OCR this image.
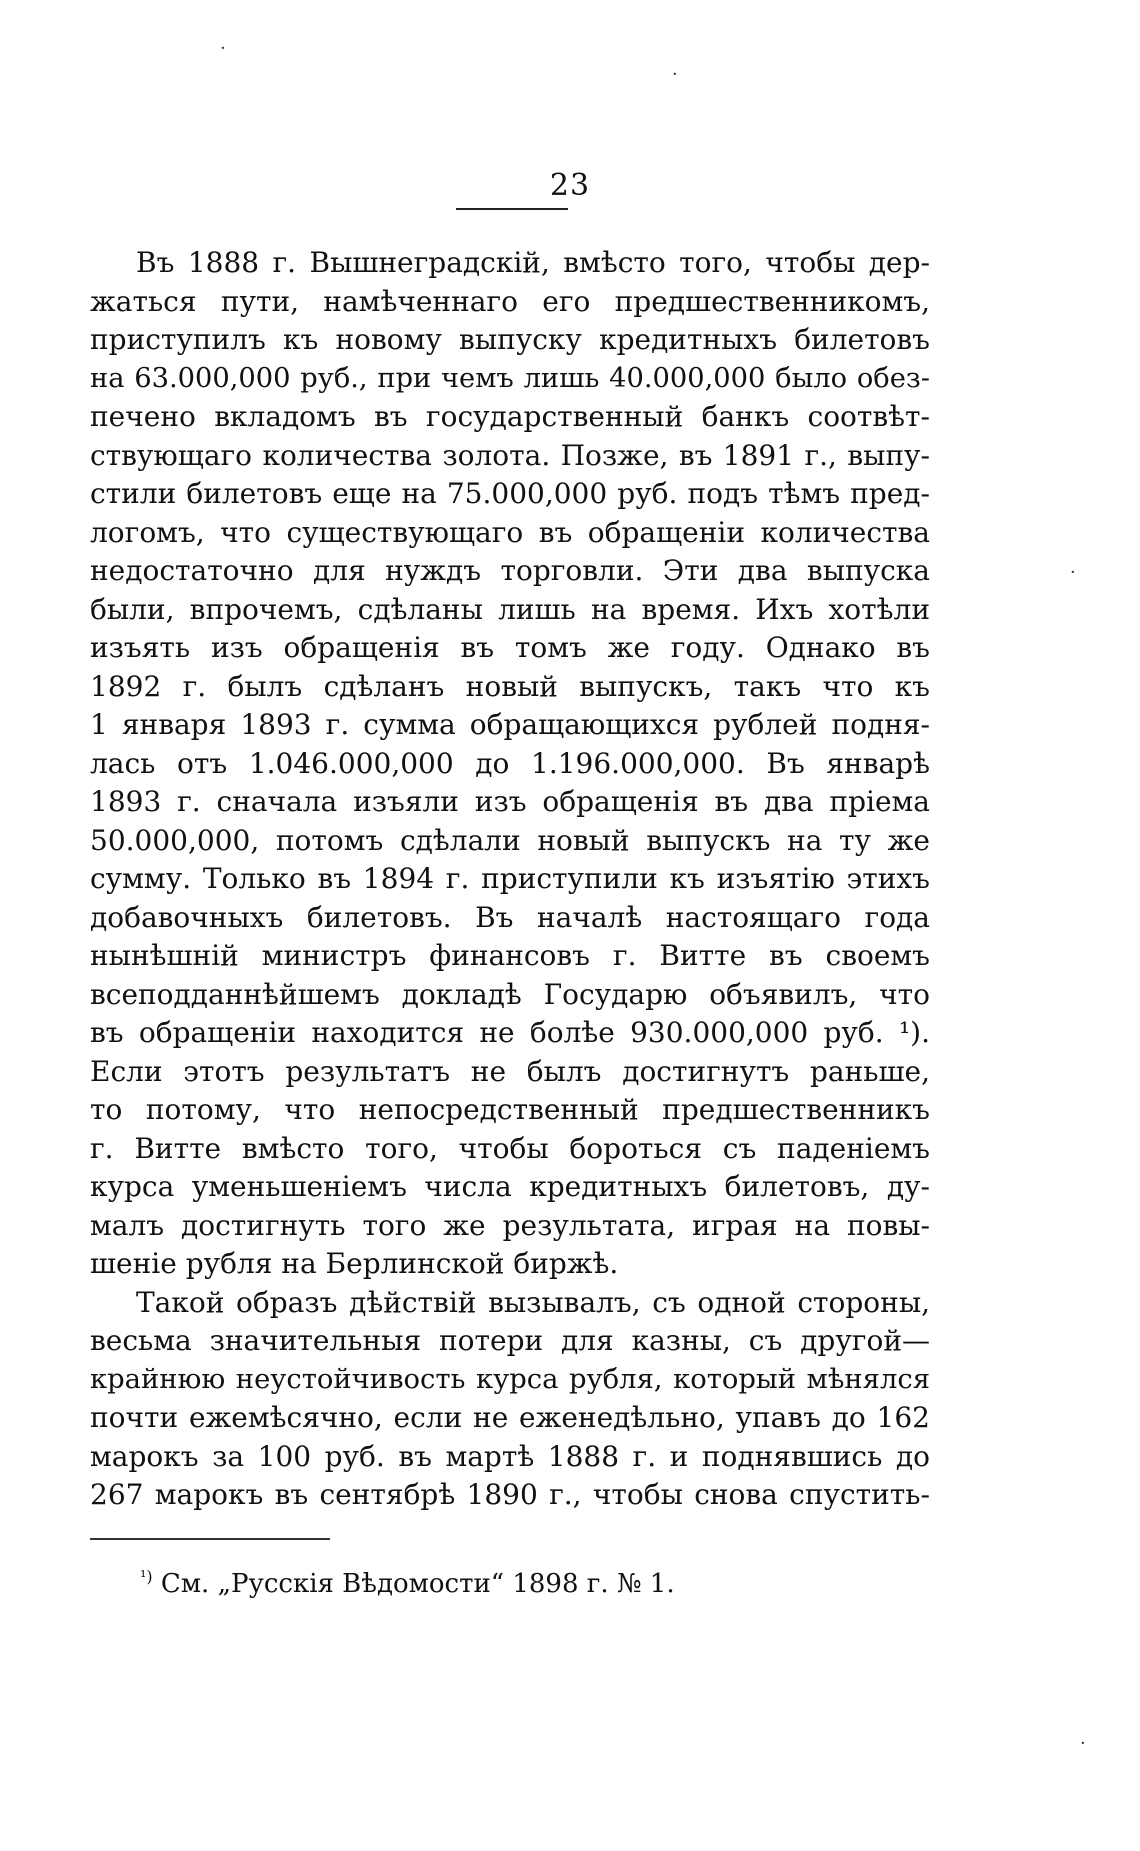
23
Въ 1888 г. Вышнеградскій, вмѣсто того, чтобы дер-
жаться пути, намѣченнаго его предшественникомъ,
приступилъ къ новому выпуску кредитныхъ билетовъ
на 63.000,000 руб., при чемъ лишь 40.000,000 было обез-
печено вкладомъ въ государственный банкъ соотвѣт-
ствующаго количества золота. Позже, въ 1891 г., выпу-
стили билетовъ еще на 75.000,000 руб. подъ тѣмъ пред-
логомъ, что существующаго въ обращеніи количества
недостаточно для нуждъ торговли. Эти два выпуска
были, впрочемъ, сдѣланы лишь на время. Ихъ хотѣли
изъять изъ обращенія въ томъ же году. Однако въ
1892 г. былъ сдѣланъ новый выпускъ, такъ что къ
1 января 1893 г. сумма обращающихся рублей подня-
лась отъ 1.046.000,000 до 1.196.000,000. Въ январѣ
1893 г. сначала изъяли изъ обращенія въ два пріема
50.000,000, потомъ сдѣлали новый выпускъ на ту же
сумму. Только въ 1894 г. приступили къ изъятію этихъ
добавочныхъ билетовъ. Въ началѣ настоящаго года
нынѣшній министръ финансовъ г. Витте въ своемъ
всеподданнѣйшемъ докладѣ Государю объявилъ, что
въ обращеніи находится не болѣе 930.000,000 руб. ¹).
Если этотъ результатъ не былъ достигнутъ раньше,
то потому, что непосредственный предшественникъ
г. Витте вмѣсто того, чтобы бороться съ паденіемъ
курса уменьшеніемъ числа кредитныхъ билетовъ, ду-
малъ достигнуть того же результата, играя на повы-
шеніе рубля на Берлинской биржѣ.
Такой образъ дѣйствій вызывалъ, съ одной стороны,
весьма значительныя потери для казны, съ другой—
крайнюю неустойчивость курса рубля, который мѣнялся
почти ежемѣсячно, если не еженедѣльно, упавъ до 162
марокъ за 100 руб. въ мартѣ 1888 г. и поднявшись до
267 марокъ въ сентябрѣ 1890 г., чтобы снова спустить-
$^{^1)}$ См. „Русскія Вѣдомости“ 1898 г. № 1.
·
·
·
·
